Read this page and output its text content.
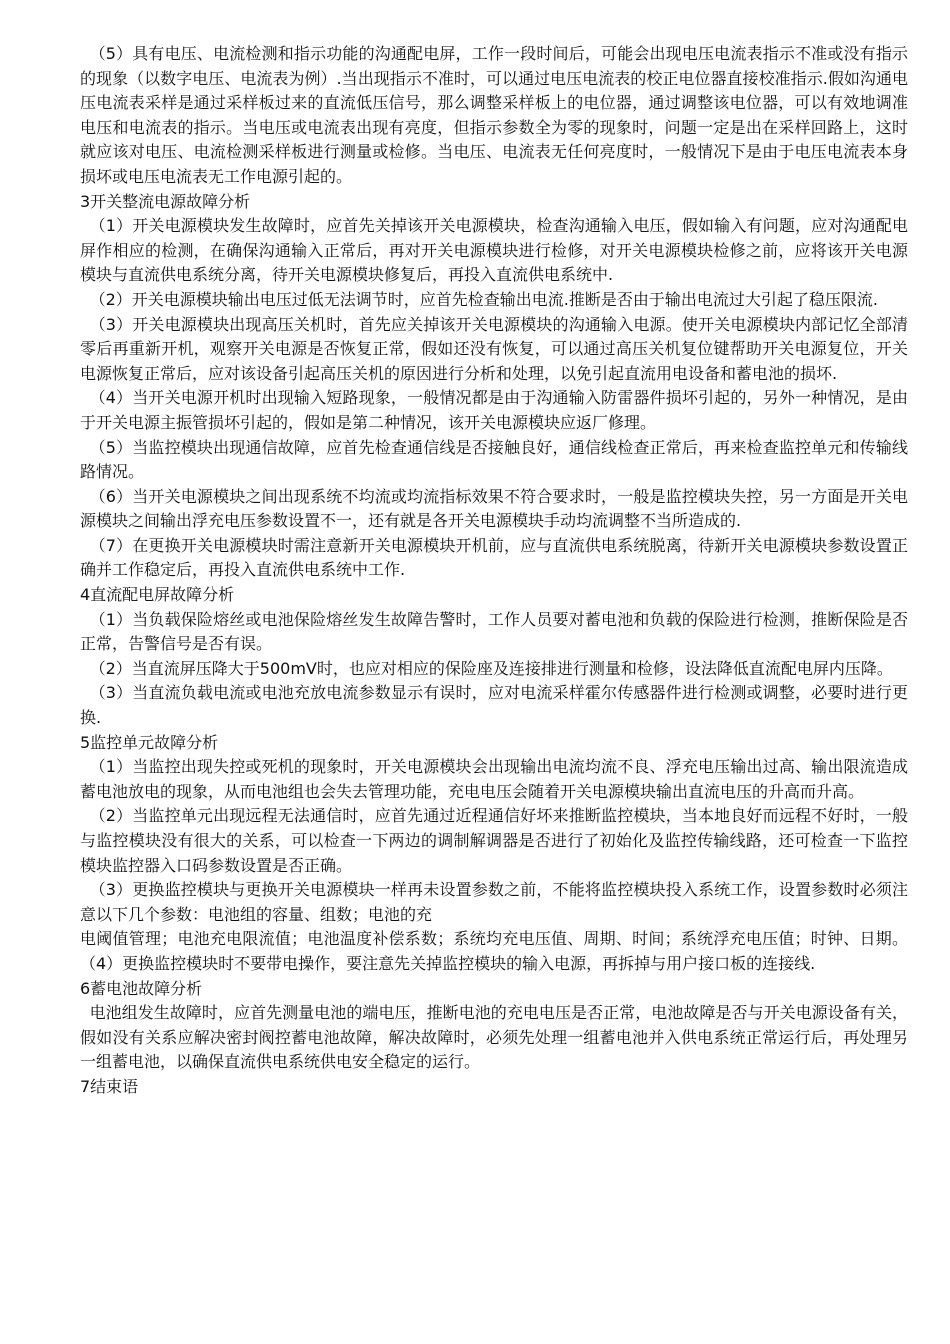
（5）具有电压、电流检测和指示功能的沟通配电屏，工作一段时间后，可能会出现电压电流表指示不准或没有指示的现象（以数字电压、电流表为例）.当出现指示不准时，可以通过电压电流表的校正电位器直接校准指示.假如沟通电压电流表采样是通过采样板过来的直流低压信号，那么调整采样板上的电位器，通过调整该电位器，可以有效地调准电压和电流表的指示。当电压或电流表出现有亮度，但指示参数全为零的现象时，问题一定是出在采样回路上，这时就应该对电压、电流检测采样板进行测量或检修。当电压、电流表无任何亮度时，一般情况下是由于电压电流表本身损坏或电压电流表无工作电源引起的。

3开关整流电源故障分析

（1）开关电源模块发生故障时，应首先关掉该开关电源模块，检查沟通输入电压，假如输入有问题，应对沟通配电屏作相应的检测，在确保沟通输入正常后，再对开关电源模块进行检修，对开关电源模块检修之前，应将该开关电源模块与直流供电系统分离，待开关电源模块修复后，再投入直流供电系统中.

（2）开关电源模块输出电压过低无法调节时，应首先检查输出电流.推断是否由于输出电流过大引起了稳压限流.

（3）开关电源模块出现高压关机时，首先应关掉该开关电源模块的沟通输入电源。使开关电源模块内部记忆全部清零后再重新开机，观察开关电源是否恢复正常，假如还没有恢复，可以通过高压关机复位键帮助开关电源复位，开关电源恢复正常后，应对该设备引起高压关机的原因进行分析和处理，以免引起直流用电设备和蓄电池的损坏.

（4）当开关电源开机时出现输入短路现象，一般情况都是由于沟通输入防雷器件损坏引起的，另外一种情况，是由于开关电源主振管损坏引起的，假如是第二种情况，该开关电源模块应返厂修理。

（5）当监控模块出现通信故障，应首先检查通信线是否接触良好，通信线检查正常后，再来检查监控单元和传输线路情况。

（6）当开关电源模块之间出现系统不均流或均流指标效果不符合要求时，一般是监控模块失控，另一方面是开关电源模块之间输出浮充电压参数设置不一，还有就是各开关电源模块手动均流调整不当所造成的.

（7）在更换开关电源模块时需注意新开关电源模块开机前，应与直流供电系统脱离，待新开关电源模块参数设置正确并工作稳定后，再投入直流供电系统中工作.

4直流配电屏故障分析

（1）当负载保险熔丝或电池保险熔丝发生故障告警时，工作人员要对蓄电池和负载的保险进行检测，推断保险是否正常，告警信号是否有误。

（2）当直流屏压降大于500mV时，也应对相应的保险座及连接排进行测量和检修，设法降低直流配电屏内压降。

（3）当直流负载电流或电池充放电流参数显示有误时，应对电流采样霍尔传感器件进行检测或调整，必要时进行更换.

5监控单元故障分析

（1）当监控出现失控或死机的现象时，开关电源模块会出现输出电流均流不良、浮充电压输出过高、输出限流造成蓄电池放电的现象，从而电池组也会失去管理功能，充电电压会随着开关电源模块输出直流电压的升高而升高。

（2）当监控单元出现远程无法通信时，应首先通过近程通信好坏来推断监控模块，当本地良好而远程不好时，一般与监控模块没有很大的关系，可以检查一下两边的调制解调器是否进行了初始化及监控传输线路，还可检查一下监控模块监控器入口码参数设置是否正确。

（3）更换监控模块与更换开关电源模块一样再未设置参数之前，不能将监控模块投入系统工作，设置参数时必须注意以下几个参数：电池组的容量、组数；电池的充

电阈值管理；电池充电限流值；电池温度补偿系数；系统均充电压值、周期、时间；系统浮充电压值；时钟、日期。（4）更换监控模块时不要带电操作，要注意先关掉监控模块的输入电源，再拆掉与用户接口板的连接线.

6蓄电池故障分析

电池组发生故障时，应首先测量电池的端电压，推断电池的充电电压是否正常，电池故障是否与开关电源设备有关，假如没有关系应解决密封阀控蓄电池故障，解决故障时，必须先处理一组蓄电池并入供电系统正常运行后，再处理另一组蓄电池，以确保直流供电系统供电安全稳定的运行。

7结束语
